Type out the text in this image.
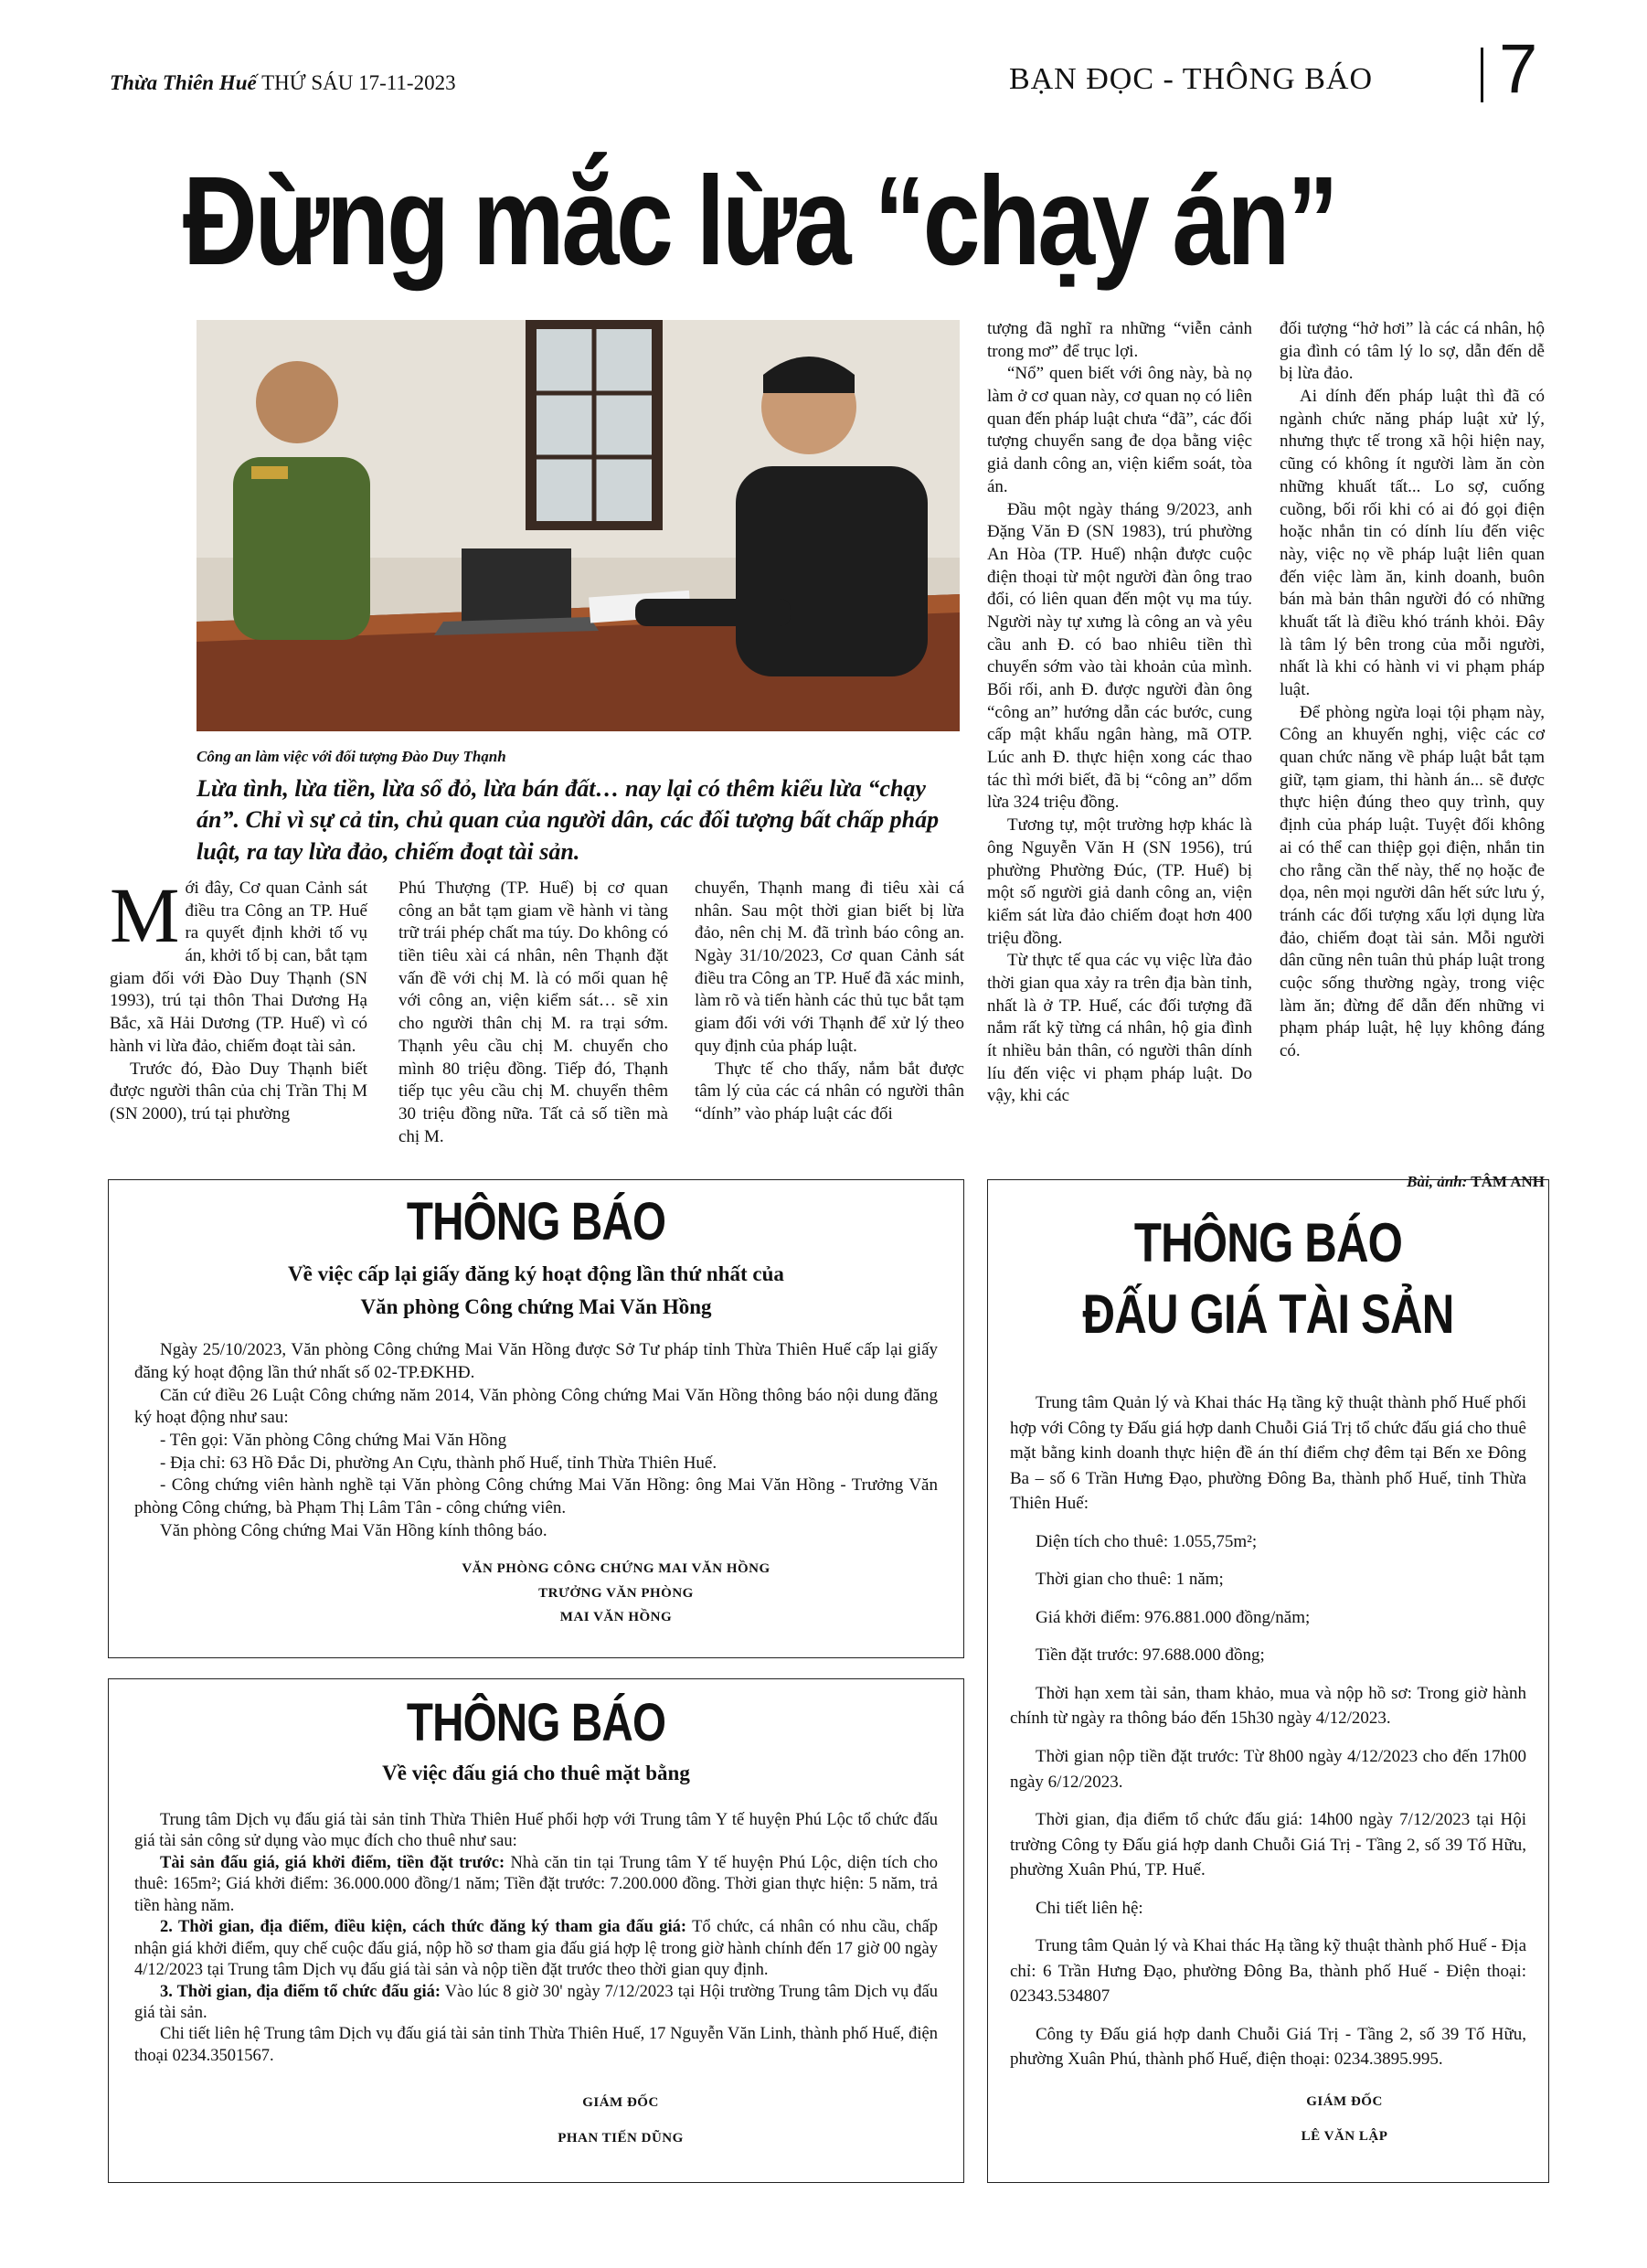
Thừa Thiên Huế THỨ SÁU 17-11-2023	BẠN ĐỌC - THÔNG BÁO 7
Đừng mắc lừa “chạy án”
Công an làm việc với đối tượng Đào Duy Thạnh
Lừa tình, lừa tiền, lừa sổ đỏ, lừa bán đất… nay lại có thêm kiểu lừa “chạy án”. Chỉ vì sự cả tin, chủ quan của người dân, các đối tượng bất chấp pháp luật, ra tay lừa đảo, chiếm đoạt tài sản.

Mới đây, Cơ quan Cảnh sát điều tra Công an TP. Huế ra quyết định khởi tố vụ án, khởi tố bị can, bắt tạm giam đối với Đào Duy Thạnh (SN 1993), trú tại thôn Thai Dương Hạ Bắc, xã Hải Dương (TP. Huế) vì có hành vi lừa đảo, chiếm đoạt tài sản.

Trước đó, Đào Duy Thạnh biết được người thân của chị Trần Thị M (SN 2000), trú tại phường

Phú Thượng (TP. Huế) bị cơ quan công an bắt tạm giam về hành vi tàng trữ trái phép chất ma túy. Do không có tiền tiêu xài cá nhân, nên Thạnh đặt vấn đề với chị M. là có mối quan hệ với công an, viện kiểm sát… sẽ xin cho người thân chị M. ra trại sớm. Thạnh yêu cầu chị M. chuyển cho mình 80 triệu đồng. Tiếp đó, Thạnh tiếp tục yêu cầu chị M. chuyển thêm 30 triệu đồng nữa. Tất cả số tiền mà chị M.

chuyển, Thạnh mang đi tiêu xài cá nhân. Sau một thời gian biết bị lừa đảo, nên chị M. đã trình báo công an. Ngày 31/10/2023, Cơ quan Cảnh sát điều tra Công an TP. Huế đã xác minh, làm rõ và tiến hành các thủ tục bắt tạm giam đối với với Thạnh để xử lý theo quy định của pháp luật.

Thực tế cho thấy, nắm bắt được tâm lý của các cá nhân có người thân “dính” vào pháp luật các đối

tượng đã nghĩ ra những “viễn cảnh trong mơ” để trục lợi.

“Nổ” quen biết với ông này, bà nọ làm ở cơ quan này, cơ quan nọ có liên quan đến pháp luật chưa “đã”, các đối tượng chuyển sang đe dọa bằng việc giả danh công an, viện kiểm soát, tòa án.

Đầu một ngày tháng 9/2023, anh Đặng Văn Đ (SN 1983), trú phường An Hòa (TP. Huế) nhận được cuộc điện thoại từ một người đàn ông trao đổi, có liên quan đến một vụ ma túy. Người này tự xưng là công an và yêu cầu anh Đ. có bao nhiêu tiền thì chuyển sớm vào tài khoản của mình. Bối rối, anh Đ. được người đàn ông “công an” hướng dẫn các bước, cung cấp mật khẩu ngân hàng, mã OTP. Lúc anh Đ. thực hiện xong các thao tác thì mới biết, đã bị “công an” dổm lừa 324 triệu đồng.

Tương tự, một trường hợp khác là ông Nguyễn Văn H (SN 1956), trú phường Phường Đúc, (TP. Huế) bị một số người giả danh công an, viện kiểm sát lừa đảo chiếm đoạt hơn 400 triệu đồng.

Từ thực tế qua các vụ việc lừa đảo thời gian qua xảy ra trên địa bàn tỉnh, nhất là ở TP. Huế, các đối tượng đã nắm rất kỹ từng cá nhân, hộ gia đình ít nhiều bản thân, có người thân dính líu đến việc vi phạm pháp luật. Do vậy, khi các

đối tượng “hở hơi” là các cá nhân, hộ gia đình có tâm lý lo sợ, dẫn đến dễ bị lừa đảo.

Ai dính đến pháp luật thì đã có ngành chức năng pháp luật xử lý, nhưng thực tế trong xã hội hiện nay, cũng có không ít người làm ăn còn những khuất tất... Lo sợ, cuống cuồng, bối rối khi có ai đó gọi điện hoặc nhắn tin có dính líu đến việc này, việc nọ về pháp luật liên quan đến việc làm ăn, kinh doanh, buôn bán mà bản thân người đó có những khuất tất là điều khó tránh khỏi. Đây là tâm lý bên trong của mỗi người, nhất là khi có hành vi vi phạm pháp luật.

Để phòng ngừa loại tội phạm này, Công an khuyến nghị, việc các cơ quan chức năng về pháp luật bắt tạm giữ, tạm giam, thi hành án... sẽ được thực hiện đúng theo quy trình, quy định của pháp luật. Tuyệt đối không ai có thể can thiệp gọi điện, nhắn tin cho rằng cần thế này, thế nọ hoặc đe dọa, nên mọi người dân hết sức lưu ý, tránh các đối tượng xấu lợi dụng lừa đảo, chiếm đoạt tài sản. Mỗi người dân cũng nên tuân thủ pháp luật trong cuộc sống thường ngày, trong việc làm ăn; đừng để dẫn đến những vi phạm pháp luật, hệ lụy không đáng có.

Bài, ảnh: TÂM ANH
THÔNG BÁO
Về việc cấp lại giấy đăng ký hoạt động lần thứ nhất của
Văn phòng Công chứng Mai Văn Hồng

Ngày 25/10/2023, Văn phòng Công chứng Mai Văn Hồng được Sở Tư pháp tỉnh Thừa Thiên Huế cấp lại giấy đăng ký hoạt động lần thứ nhất số 02-TP.ĐKHĐ.

Căn cứ điều 26 Luật Công chứng năm 2014, Văn phòng Công chứng Mai Văn Hồng thông báo nội dung đăng ký hoạt động như sau:

- Tên gọi: Văn phòng Công chứng Mai Văn Hồng

- Địa chỉ: 63 Hồ Đắc Di, phường An Cựu, thành phố Huế, tỉnh Thừa Thiên Huế.

- Công chứng viên hành nghề tại Văn phòng Công chứng Mai Văn Hồng: ông Mai Văn Hồng - Trưởng Văn phòng Công chứng, bà Phạm Thị Lâm Tân - công chứng viên.

Văn phòng Công chứng Mai Văn Hồng kính thông báo.

VĂN PHÒNG CÔNG CHỨNG MAI VĂN HỒNG
TRƯỞNG VĂN PHÒNG
MAI VĂN HỒNG
THÔNG BÁO
Về việc đấu giá cho thuê mặt bằng

Trung tâm Dịch vụ đấu giá tài sản tỉnh Thừa Thiên Huế phối hợp với Trung tâm Y tế huyện Phú Lộc tổ chức đấu giá tài sản công sử dụng vào mục đích cho thuê như sau:

Tài sản đấu giá, giá khởi điểm, tiền đặt trước: Nhà căn tin tại Trung tâm Y tế huyện Phú Lộc, diện tích cho thuê: 165m²; Giá khởi điểm: 36.000.000 đồng/1 năm; Tiền đặt trước: 7.200.000 đồng. Thời gian thực hiện: 5 năm, trả tiền hàng năm.

2. Thời gian, địa điểm, điều kiện, cách thức đăng ký tham gia đấu giá: Tổ chức, cá nhân có nhu cầu, chấp nhận giá khởi điểm, quy chế cuộc đấu giá, nộp hồ sơ tham gia đấu giá hợp lệ trong giờ hành chính đến 17 giờ 00 ngày 4/12/2023 tại Trung tâm Dịch vụ đấu giá tài sản và nộp tiền đặt trước theo thời gian quy định.

3. Thời gian, địa điểm tổ chức đấu giá: Vào lúc 8 giờ 30' ngày 7/12/2023 tại Hội trường Trung tâm Dịch vụ đấu giá tài sản.

Chi tiết liên hệ Trung tâm Dịch vụ đấu giá tài sản tỉnh Thừa Thiên Huế, 17 Nguyễn Văn Linh, thành phố Huế, điện thoại 0234.3501567.

GIÁM ĐỐC
PHAN TIẾN DŨNG
THÔNG BÁO
ĐẤU GIÁ TÀI SẢN

Trung tâm Quản lý và Khai thác Hạ tầng kỹ thuật thành phố Huế phối hợp với Công ty Đấu giá hợp danh Chuỗi Giá Trị tổ chức đấu giá cho thuê mặt bằng kinh doanh thực hiện đề án thí điểm chợ đêm tại Bến xe Đông Ba – số 6 Trần Hưng Đạo, phường Đông Ba, thành phố Huế, tỉnh Thừa Thiên Huế:

Diện tích cho thuê: 1.055,75m²;

Thời gian cho thuê: 1 năm;

Giá khởi điểm: 976.881.000 đồng/năm;

Tiền đặt trước: 97.688.000 đồng;

Thời hạn xem tài sản, tham khảo, mua và nộp hồ sơ: Trong giờ hành chính từ ngày ra thông báo đến 15h30 ngày 4/12/2023.

Thời gian nộp tiền đặt trước: Từ 8h00 ngày 4/12/2023 cho đến 17h00 ngày 6/12/2023.

Thời gian, địa điểm tổ chức đấu giá: 14h00 ngày 7/12/2023 tại Hội trường Công ty Đấu giá hợp danh Chuỗi Giá Trị - Tầng 2, số 39 Tố Hữu, phường Xuân Phú, TP. Huế.

Chi tiết liên hệ:

Trung tâm Quản lý và Khai thác Hạ tầng kỹ thuật thành phố Huế - Địa chỉ: 6 Trần Hưng Đạo, phường Đông Ba, thành phố Huế - Điện thoại: 02343.534807

Công ty Đấu giá hợp danh Chuỗi Giá Trị - Tầng 2, số 39 Tố Hữu, phường Xuân Phú, thành phố Huế, điện thoại: 0234.3895.995.

GIÁM ĐỐC
LÊ VĂN LẬP
